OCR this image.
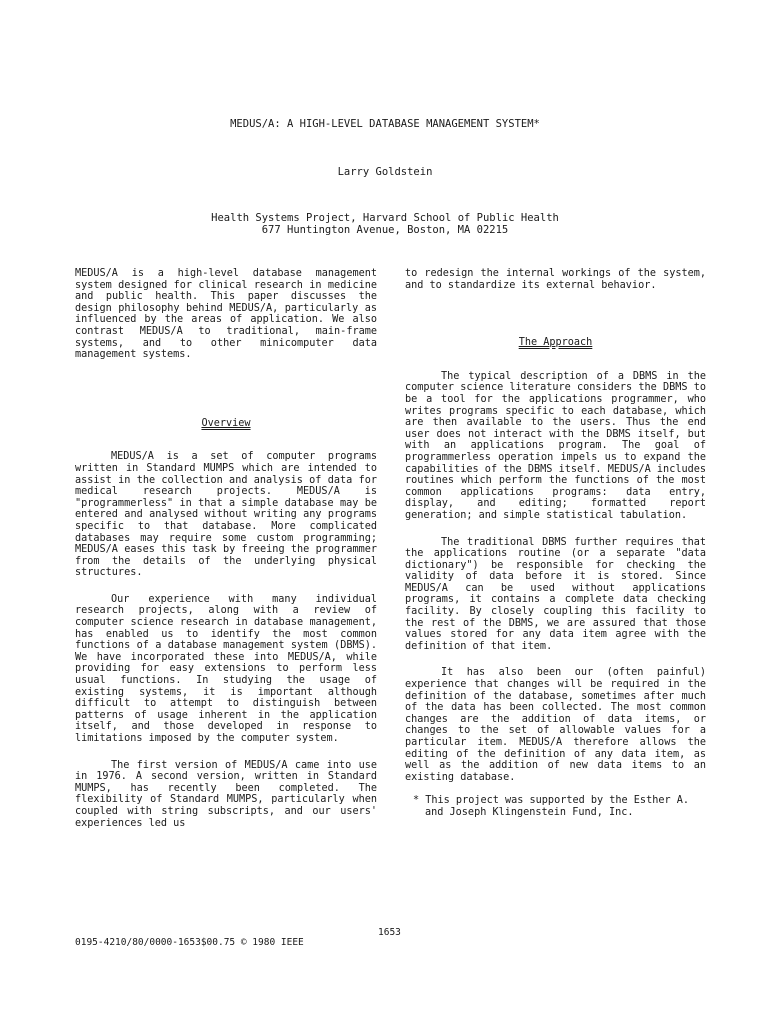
MEDUS/A: A HIGH-LEVEL DATABASE MANAGEMENT SYSTEM*
Larry Goldstein
Health Systems Project, Harvard School of Public Health
677 Huntington Avenue, Boston, MA 02215

MEDUS/A is a high-level database management system designed for clinical research in medicine and public health. This paper discusses the design philosophy behind MEDUS/A, particularly as influenced by the areas of application. We also contrast MEDUS/A to traditional, main-frame systems, and to other minicomputer data management systems.

Overview

MEDUS/A is a set of computer programs written in Standard MUMPS which are intended to assist in the collection and analysis of data for medical research projects. MEDUS/A is "programmerless" in that a simple database may be entered and analysed without writing any programs specific to that database. More complicated databases may require some custom programming; MEDUS/A eases this task by freeing the programmer from the details of the underlying physical structures.

Our experience with many individual research projects, along with a review of computer science research in database management, has enabled us to identify the most common functions of a database management system (DBMS). We have incorporated these into MEDUS/A, while providing for easy extensions to perform less usual functions. In studying the usage of existing systems, it is important although difficult to attempt to distinguish between patterns of usage inherent in the application itself, and those developed in response to limitations imposed by the computer system.

The first version of MEDUS/A came into use in 1976. A second version, written in Standard MUMPS, has recently been completed. The flexibility of Standard MUMPS, particularly when coupled with string subscripts, and our users' experiences led us

to redesign the internal workings of the system, and to standardize its external behavior.

The Approach

The typical description of a DBMS in the computer science literature considers the DBMS to be a tool for the applications programmer, who writes programs specific to each database, which are then available to the users. Thus the end user does not interact with the DBMS itself, but with an applications program. The goal of programmerless operation impels us to expand the capabilities of the DBMS itself. MEDUS/A includes routines which perform the functions of the most common applications programs: data entry, display, and editing; formatted report generation; and simple statistical tabulation.

The traditional DBMS further requires that the applications routine (or a separate "data dictionary") be responsible for checking the validity of data before it is stored. Since MEDUS/A can be used without applications programs, it contains a complete data checking facility. By closely coupling this facility to the rest of the DBMS, we are assured that those values stored for any data item agree with the definition of that item.

It has also been our (often painful) experience that changes will be required in the definition of the database, sometimes after much of the data has been collected. The most common changes are the addition of data items, or changes to the set of allowable values for a particular item. MEDUS/A therefore allows the editing of the definition of any data item, as well as the addition of new data items to an existing database.

* This project was supported by the Esther A. and Joseph Klingenstein Fund, Inc.

1653
0195-4210/80/0000-1653$00.75 © 1980 IEEE
